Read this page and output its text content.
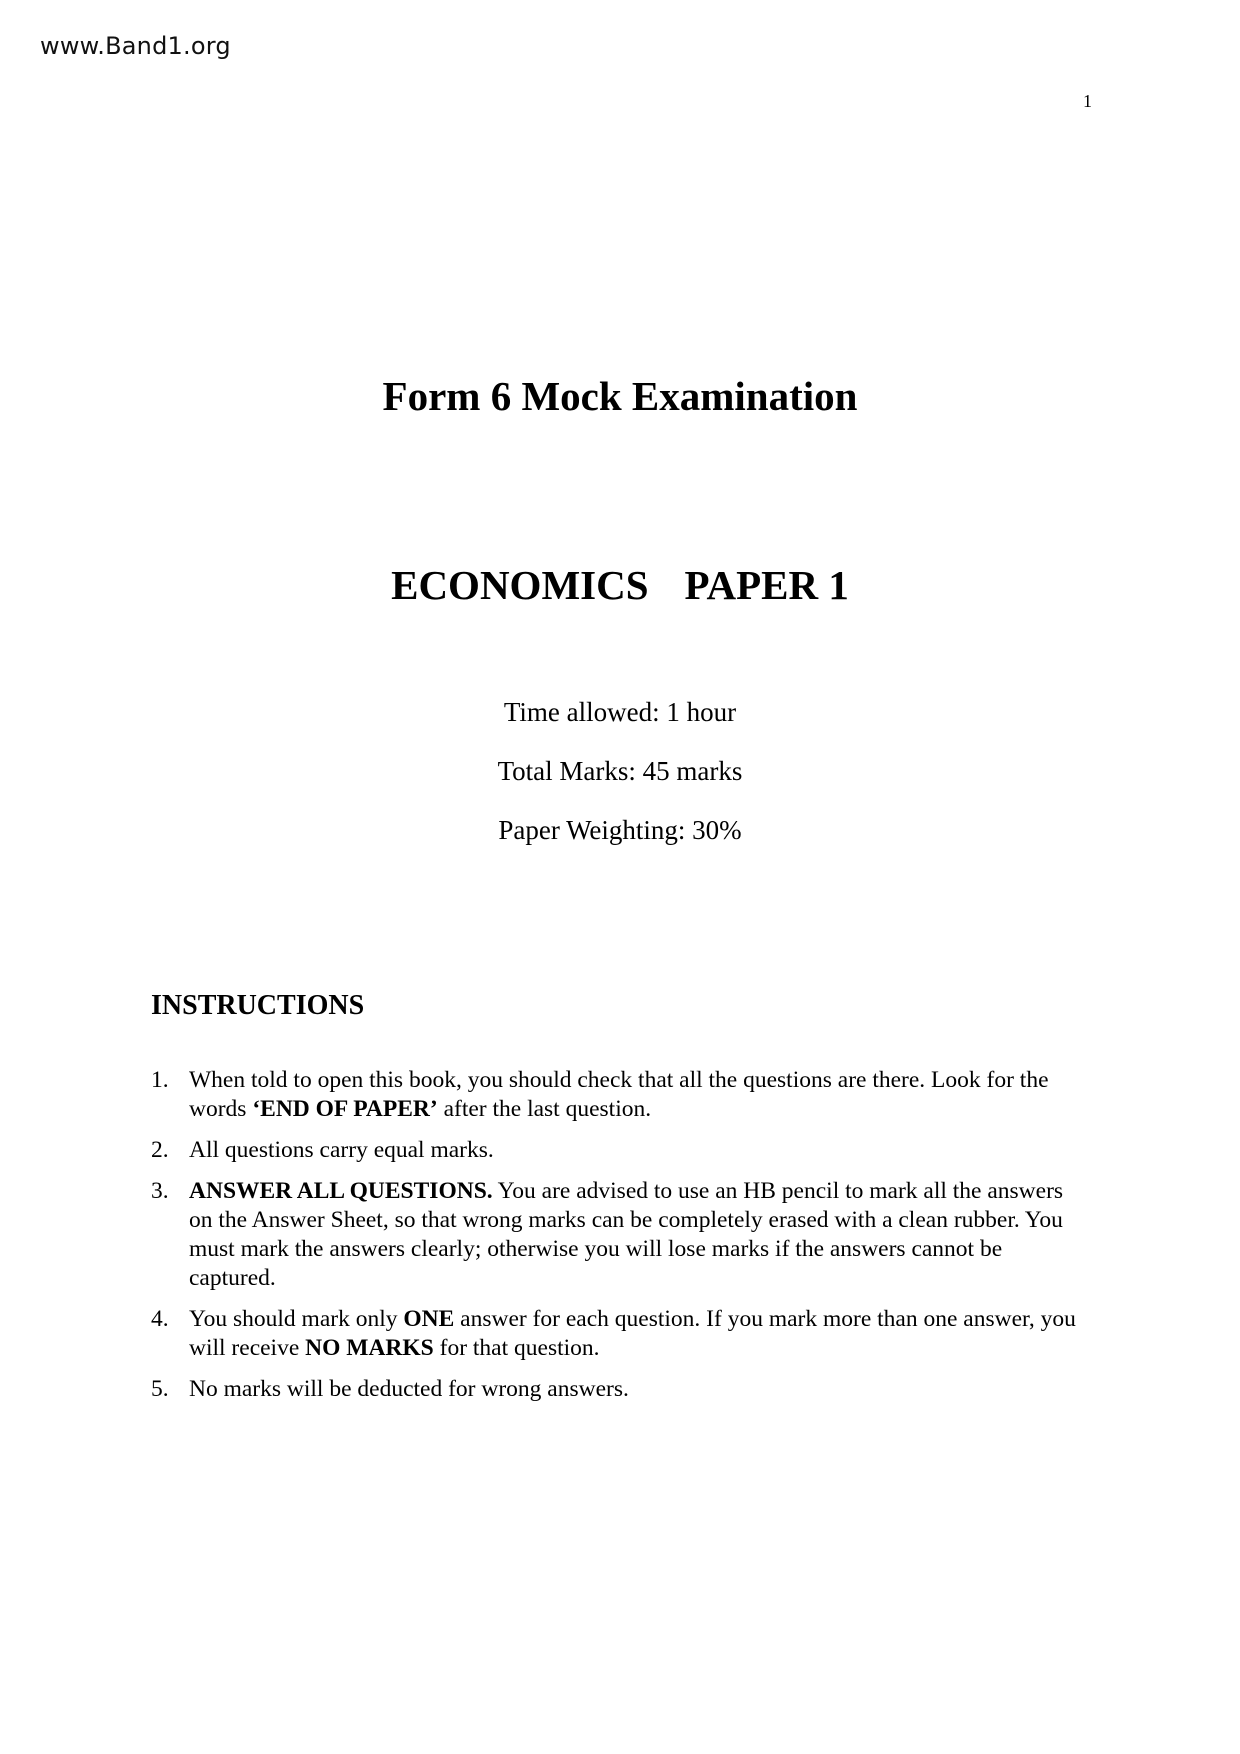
www.Band1.org
1
Form 6 Mock Examination
ECONOMICS PAPER 1
Time allowed: 1 hour
Total Marks: 45 marks
Paper Weighting: 30%
INSTRUCTIONS
1. When told to open this book, you should check that all the questions are there. Look for the words ‘END OF PAPER’ after the last question.
2. All questions carry equal marks.
3. ANSWER ALL QUESTIONS. You are advised to use an HB pencil to mark all the answers on the Answer Sheet, so that wrong marks can be completely erased with a clean rubber. You must mark the answers clearly; otherwise you will lose marks if the answers cannot be captured.
4. You should mark only ONE answer for each question. If you mark more than one answer, you will receive NO MARKS for that question.
5. No marks will be deducted for wrong answers.
